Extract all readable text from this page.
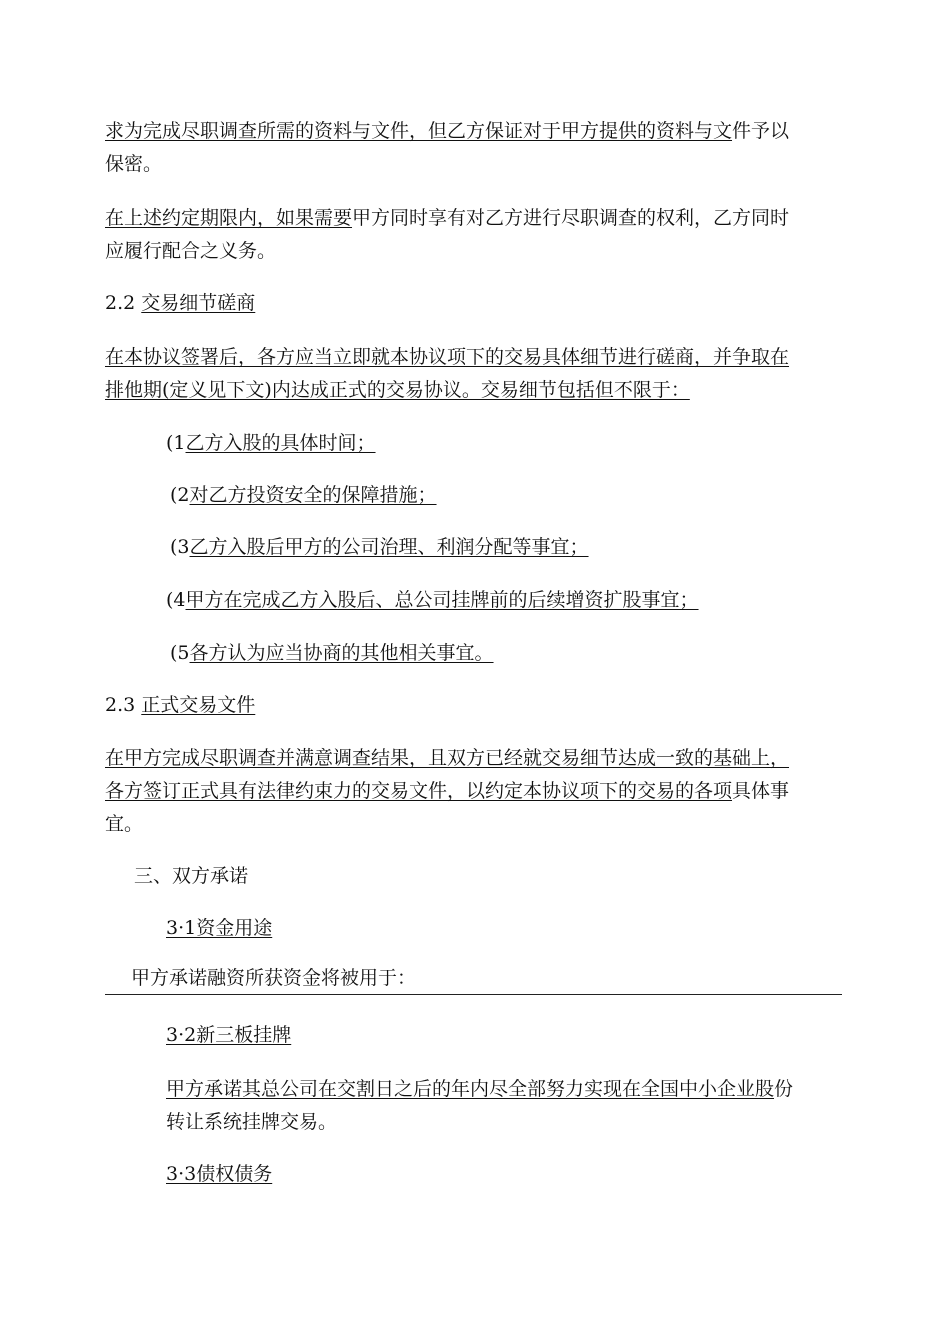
求为完成尽职调查所需的资料与文件，但乙方保证对于甲方提供的资料与文件予以

保密。

在上述约定期限内，如果需要甲方同时享有对乙方进行尽职调查的权利，乙方同时

应履行配合之义务。

2.2 交易细节磋商

在本协议签署后，各方应当立即就本协议项下的交易具体细节进行磋商，并争取在

排他期(定义见下文)内达成正式的交易协议。交易细节包括但不限于：

(1乙方入股的具体时间；

(2对乙方投资安全的保障措施；

(3乙方入股后甲方的公司治理、利润分配等事宜；

(4甲方在完成乙方入股后、总公司挂牌前的后续增资扩股事宜；

(5各方认为应当协商的其他相关事宜。

2.3 正式交易文件

在甲方完成尽职调查并满意调查结果，且双方已经就交易细节达成一致的基础上，

各方签订正式具有法律约束力的交易文件，以约定本协议项下的交易的各项具体事

宜。

三、双方承诺

3·1资金用途

甲方承诺融资所获资金将被用于：

3·2新三板挂牌

甲方承诺其总公司在交割日之后的年内尽全部努力实现在全国中小企业股份

转让系统挂牌交易。

3·3债权债务
